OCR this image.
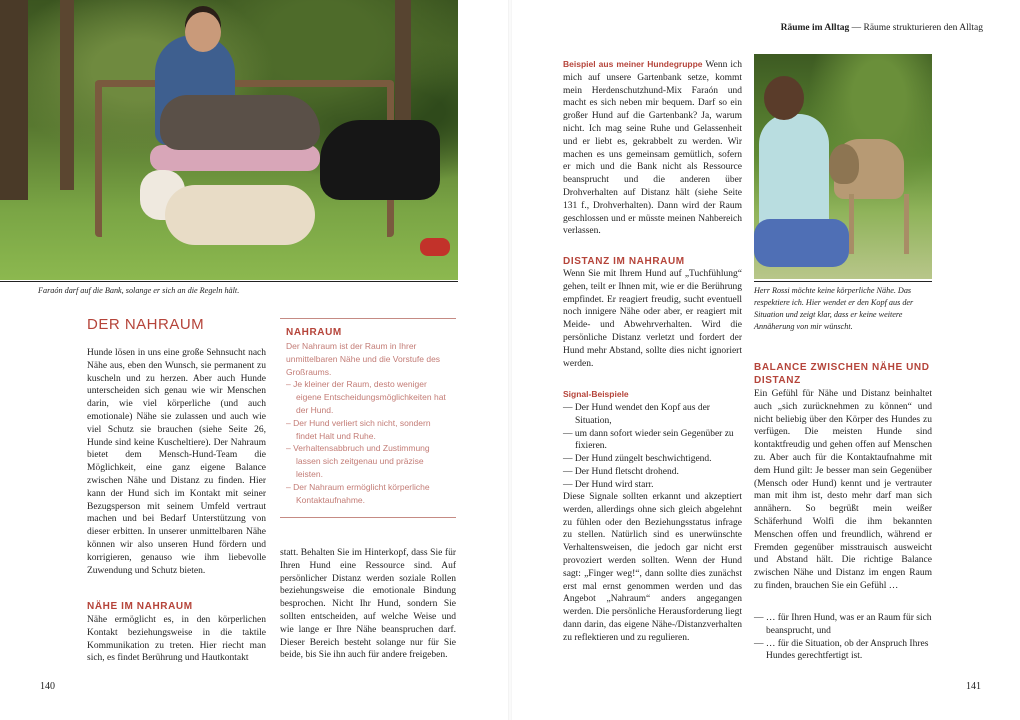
Faraón darf auf die Bank, solange er sich an die Regeln hält.
DER NAHRAUM

Hunde lösen in uns eine große Sehnsucht nach Nähe aus, eben den Wunsch, sie permanent zu kuscheln und zu herzen. Aber auch Hunde unterscheiden sich genau wie wir Menschen darin, wie viel körperliche (und auch emotionale) Nähe sie zulassen und auch wie viel Schutz sie brauchen (siehe Seite 26, Hunde sind keine Kuscheltiere). Der Nahraum bietet dem Mensch-Hund-Team die Möglichkeit, eine ganz eigene Balance zwischen Nähe und Distanz zu finden. Hier kann der Hund sich im Kontakt mit seiner Bezugsperson mit seinem Umfeld vertraut machen und bei Bedarf Unterstützung von dieser erbitten. In unserer unmittelbaren Nähe können wir also unseren Hund fördern und korrigieren, genauso wie ihm liebevolle Zuwendung und Schutz bieten.

NÄHE IM NAHRAUM

Nähe ermöglicht es, in den körperlichen Kontakt beziehungsweise in die taktile Kommunikation zu treten. Hier riecht man sich, es findet Berührung und Hautkontakt

NAHRAUM
Der Nahraum ist der Raum in Ihrer unmittelbaren Nähe und die Vorstufe des Großraums.
– Je kleiner der Raum, desto weniger eigene Entscheidungsmöglichkeiten hat der Hund.
– Der Hund verliert sich nicht, sondern findet Halt und Ruhe.
– Verhaltensabbruch und Zustimmung lassen sich zeitgenau und präzise leisten.
– Der Nahraum ermöglicht körperliche Kontaktaufnahme.

statt. Behalten Sie im Hinterkopf, dass Sie für Ihren Hund eine Ressource sind. Auf persönlicher Distanz werden soziale Rollen beziehungsweise die emotionale Bindung besprochen. Nicht Ihr Hund, sondern Sie sollten entscheiden, auf welche Weise und wie lange er Ihre Nähe beanspruchen darf. Dieser Bereich besteht solange nur für Sie beide, bis Sie ihn auch für andere freigeben.

140
Räume im Alltag — Räume strukturieren den Alltag

Beispiel aus meiner Hundegruppe Wenn ich mich auf unsere Gartenbank setze, kommt mein Herdenschutzhund-Mix Faraón und macht es sich neben mir bequem. Darf so ein großer Hund auf die Gartenbank? Ja, warum nicht. Ich mag seine Ruhe und Gelassenheit und er liebt es, gekrabbelt zu werden. Wir machen es uns gemeinsam gemütlich, sofern er mich und die Bank nicht als Ressource beansprucht und die anderen über Drohverhalten auf Distanz hält (siehe Seite 131 f., Drohverhalten). Dann wird der Raum geschlossen und er müsste meinen Nahbereich verlassen.

DISTANZ IM NAHRAUM

Wenn Sie mit Ihrem Hund auf „Tuchfühlung“ gehen, teilt er Ihnen mit, wie er die Berührung empfindet. Er reagiert freudig, sucht eventuell noch innigere Nähe oder aber, er reagiert mit Meide- und Abwehrverhalten. Wird die persönliche Distanz verletzt und fordert der Hund mehr Abstand, sollte dies nicht ignoriert werden.

Signal-Beispiele
— Der Hund wendet den Kopf aus der Situation,
— um dann sofort wieder sein Gegenüber zu fixieren.
— Der Hund züngelt beschwichtigend.
— Der Hund fletscht drohend.
— Der Hund wird starr.

Diese Signale sollten erkannt und akzeptiert werden, allerdings ohne sich gleich abgelehnt zu fühlen oder den Beziehungsstatus infrage zu stellen. Natürlich sind es unerwünschte Verhaltensweisen, die jedoch gar nicht erst provoziert werden sollten. Wenn der Hund sagt: „Finger weg!“, dann sollte dies zunächst erst mal ernst genommen werden und das Angebot „Nahraum“ anders angegangen werden. Die persönliche Herausforderung liegt dann darin, das eigene Nähe-/Distanzverhalten zu reflektieren und zu regulieren.

Herr Rossi möchte keine körperliche Nähe. Das respektiere ich. Hier wendet er den Kopf aus der Situation und zeigt klar, dass er keine weitere Annäherung von mir wünscht.
BALANCE ZWISCHEN NÄHE UND DISTANZ

Ein Gefühl für Nähe und Distanz beinhaltet auch „sich zurücknehmen zu können“ und nicht beliebig über den Körper des Hundes zu verfügen. Die meisten Hunde sind kontaktfreudig und gehen offen auf Menschen zu. Aber auch für die Kontaktaufnahme mit dem Hund gilt: Je besser man sein Gegenüber (Mensch oder Hund) kennt und je vertrauter man mit ihm ist, desto mehr darf man sich annähern. So begrüßt mein weißer Schäferhund Wolfi die ihm bekannten Menschen offen und freundlich, während er Fremden gegenüber misstrauisch ausweicht und Abstand hält. Die richtige Balance zwischen Nähe und Distanz im engen Raum zu finden, brauchen Sie ein Gefühl …

— … für Ihren Hund, was er an Raum für sich beansprucht, und
— … für die Situation, ob der Anspruch Ihres Hundes gerechtfertigt ist.
141
